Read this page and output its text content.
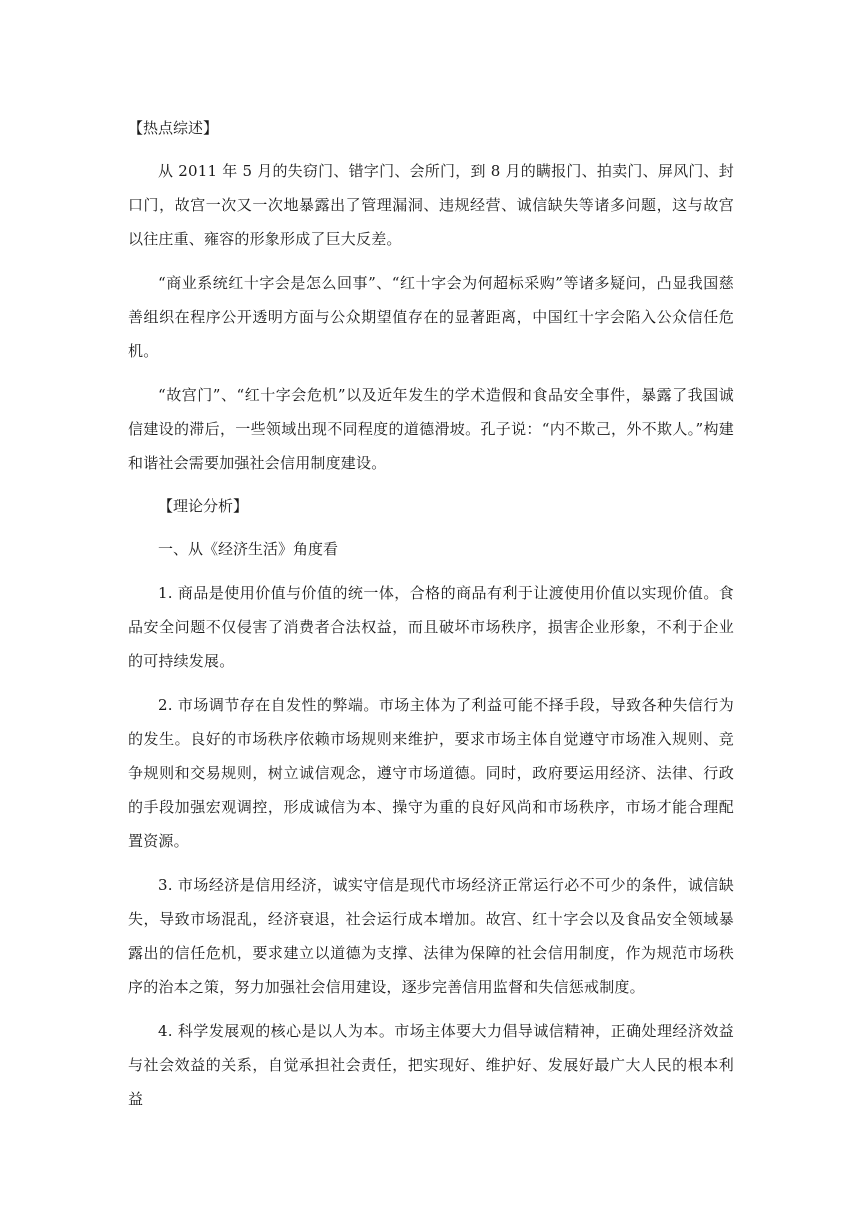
【热点综述】

从 2011 年 5 月的失窃门、错字门、会所门，到 8 月的瞒报门、拍卖门、屏风门、封口门，故宫一次又一次地暴露出了管理漏洞、违规经营、诚信缺失等诸多问题，这与故宫以往庄重、雍容的形象形成了巨大反差。

“商业系统红十字会是怎么回事”、“红十字会为何超标采购”等诸多疑问，凸显我国慈善组织在程序公开透明方面与公众期望值存在的显著距离，中国红十字会陷入公众信任危机。

“故宫门”、“红十字会危机”以及近年发生的学术造假和食品安全事件，暴露了我国诚信建设的滞后，一些领域出现不同程度的道德滑坡。孔子说：“内不欺己，外不欺人。”构建和谐社会需要加强社会信用制度建设。

【理论分析】

一、从《经济生活》角度看

1. 商品是使用价值与价值的统一体，合格的商品有利于让渡使用价值以实现价值。食品安全问题不仅侵害了消费者合法权益，而且破坏市场秩序，损害企业形象，不利于企业的可持续发展。

2. 市场调节存在自发性的弊端。市场主体为了利益可能不择手段，导致各种失信行为的发生。良好的市场秩序依赖市场规则来维护，要求市场主体自觉遵守市场准入规则、竞争规则和交易规则，树立诚信观念，遵守市场道德。同时，政府要运用经济、法律、行政的手段加强宏观调控，形成诚信为本、操守为重的良好风尚和市场秩序，市场才能合理配置资源。

3. 市场经济是信用经济，诚实守信是现代市场经济正常运行必不可少的条件，诚信缺失，导致市场混乱，经济衰退，社会运行成本增加。故宫、红十字会以及食品安全领域暴露出的信任危机，要求建立以道德为支撑、法律为保障的社会信用制度，作为规范市场秩序的治本之策，努力加强社会信用建设，逐步完善信用监督和失信惩戒制度。

4. 科学发展观的核心是以人为本。市场主体要大力倡导诚信精神，正确处理经济效益与社会效益的关系，自觉承担社会责任，把实现好、维护好、发展好最广大人民的根本利益
